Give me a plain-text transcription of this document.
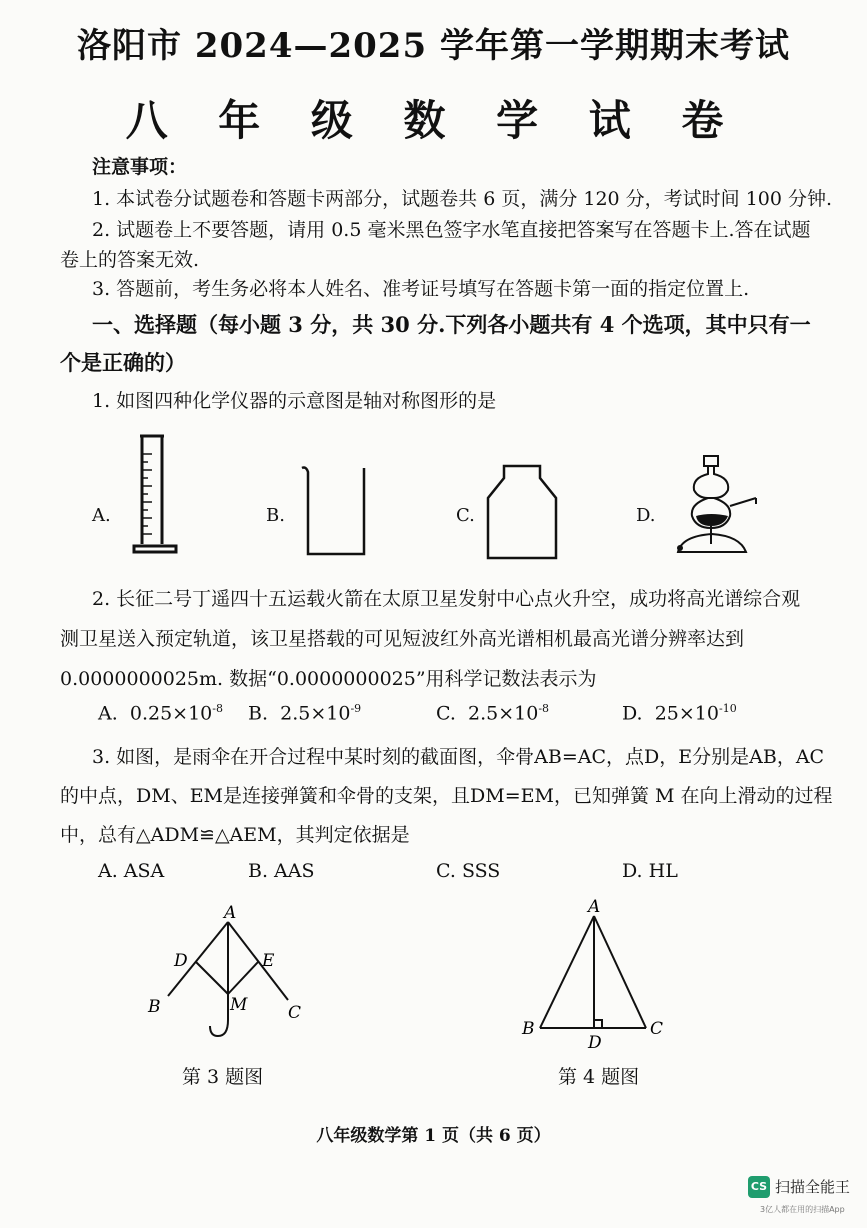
洛阳市 2024—2025 学年第一学期期末考试
八 年 级 数 学 试 卷
注意事项：
1. 本试卷分试题卷和答题卡两部分，试题卷共 6 页，满分 120 分，考试时间 100 分钟.
2. 试题卷上不要答题，请用 0.5 毫米黑色签字水笔直接把答案写在答题卡上.答在试题
卷上的答案无效.
3. 答题前，考生务必将本人姓名、准考证号填写在答题卡第一面的指定位置上.
一、选择题（每小题 3 分，共 30 分.下列各小题共有 4 个选项，其中只有一
个是正确的）
1. 如图四种化学仪器的示意图是轴对称图形的是
A.	B.	C.	D.
2. 长征二号丁遥四十五运载火箭在太原卫星发射中心点火升空，成功将高光谱综合观
测卫星送入预定轨道，该卫星搭载的可见短波红外高光谱相机最高光谱分辨率达到
0.0000000025m. 数据“0.0000000025”用科学记数法表示为
A. $0.25\times 10^{-8}$ B. $2.5\times 10^{-9}$	C. $2.5\times 10^{-8}$	D. $25\times 10^{-10}$
3. 如图，是雨伞在开合过程中某时刻的截面图，伞骨AB=AC，点D，E分别是AB，AC
的中点，DM、EM是连接弹簧和伞骨的支架，且DM=EM，已知弹簧 M 在向上滑动的过程
中，总有△ADM≌△AEM，其判定依据是
A. ASA	B. AAS	C. SSS	D. HL
A
D	E
B	M C
A
B
D
C
第 3 题图	第 4 题图
八年级数学第 1 页（共 6 页）
CS 扫描全能王
3亿人都在用的扫描App
